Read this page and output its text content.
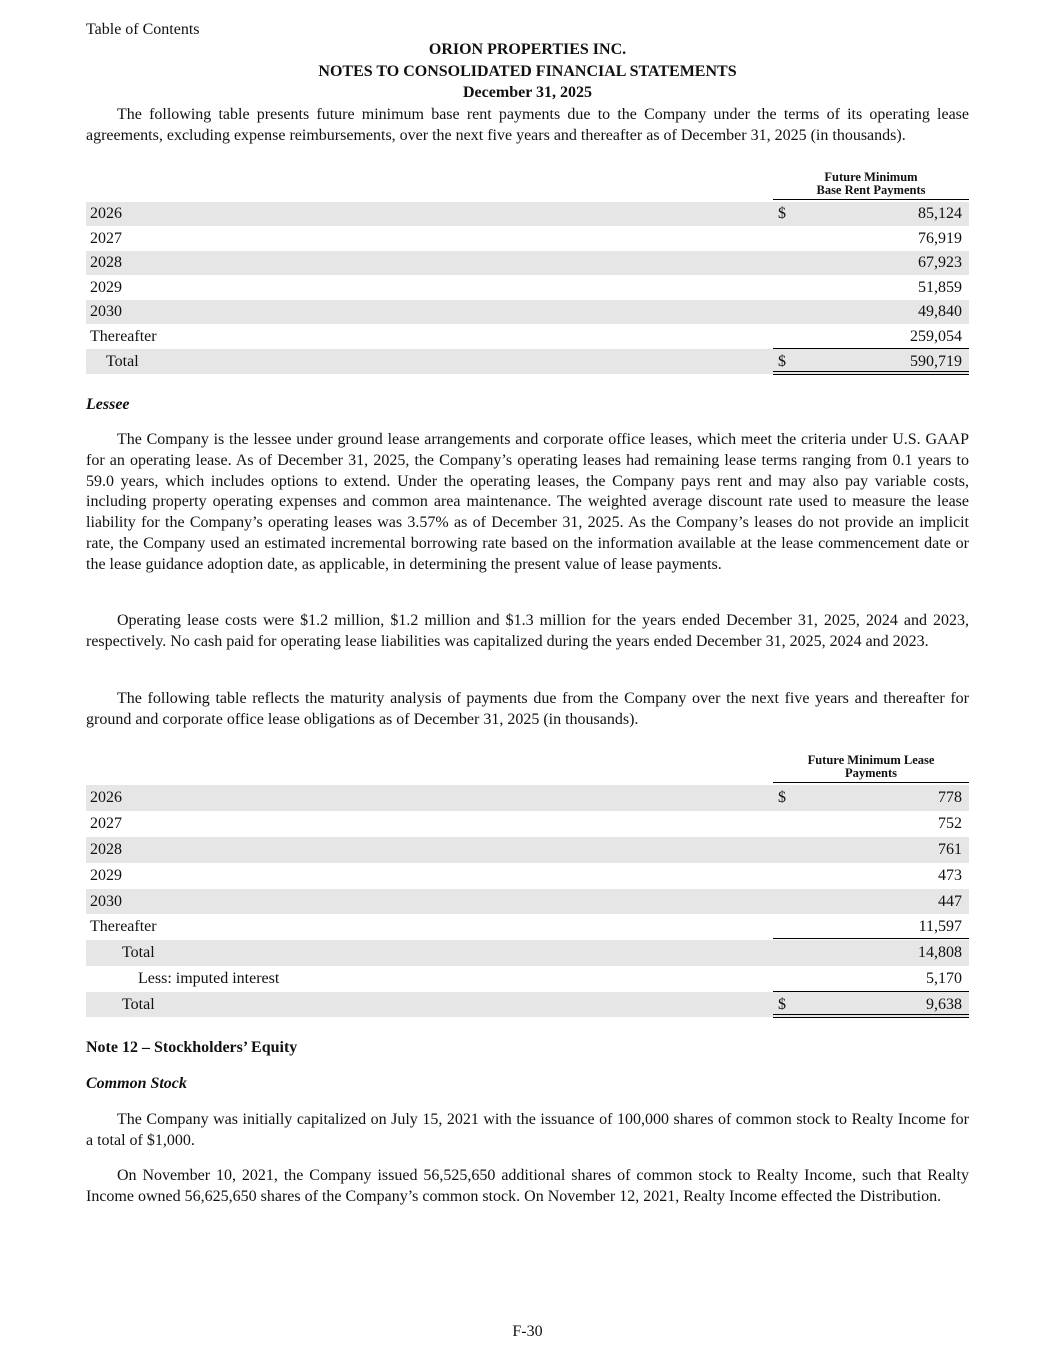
Table of Contents
ORION PROPERTIES INC.
NOTES TO CONSOLIDATED FINANCIAL STATEMENTS
December 31, 2025

The following table presents future minimum base rent payments due to the Company under the terms of its operating lease agreements, excluding expense reimbursements, over the next five years and thereafter as of December 31, 2025 (in thousands).

Future Minimum
Base Rent Payments
2026	$	85,124
2027	76,919
2028	67,923
2029	51,859
2030	49,840
Thereafter	259,054
Total	$	590,719
Lessee

The Company is the lessee under ground lease arrangements and corporate office leases, which meet the criteria under U.S. GAAP for an operating lease. As of December 31, 2025, the Company’s operating leases had remaining lease terms ranging from 0.1 years to 59.0 years, which includes options to extend. Under the operating leases, the Company pays rent and may also pay variable costs, including property operating expenses and common area maintenance. The weighted average discount rate used to measure the lease liability for the Company’s operating leases was 3.57% as of December 31, 2025. As the Company’s leases do not provide an implicit rate, the Company used an estimated incremental borrowing rate based on the information available at the lease commencement date or the lease guidance adoption date, as applicable, in determining the present value of lease payments.

Operating lease costs were $1.2 million, $1.2 million and $1.3 million for the years ended December 31, 2025, 2024 and 2023, respectively. No cash paid for operating lease liabilities was capitalized during the years ended December 31, 2025, 2024 and 2023.

The following table reflects the maturity analysis of payments due from the Company over the next five years and thereafter for ground and corporate office lease obligations as of December 31, 2025 (in thousands).

Future Minimum Lease
Payments
2026	$	778
2027	752
2028	761
2029	473
2030	447
Thereafter	11,597
Total	14,808
Less: imputed interest	5,170
Total	$	9,638
Note 12 – Stockholders’ Equity
Common Stock

The Company was initially capitalized on July 15, 2021 with the issuance of 100,000 shares of common stock to Realty Income for a total of $1,000.

On November 10, 2021, the Company issued 56,525,650 additional shares of common stock to Realty Income, such that Realty Income owned 56,625,650 shares of the Company’s common stock. On November 12, 2021, Realty Income effected the Distribution.

F-30
